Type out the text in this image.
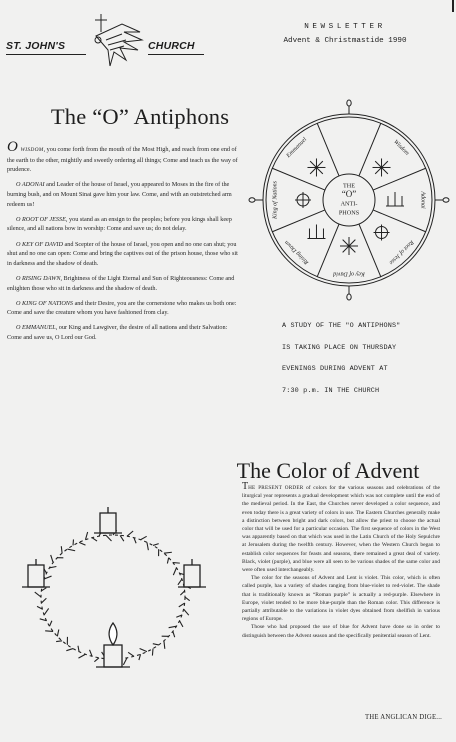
ST. JOHN'S	CHURCH
NEWSLETTER
Advent & Christmastide 1990
The “O” Antiphons

O WISDOM, you come forth from the mouth of the Most High, and reach from one end of the earth to the other, mightily and sweetly ordering all things; Come and teach us the way of prudence.

O ADONAI and Leader of the house of Israel, you appeared to Moses in the fire of the burning bush, and on Mount Sinai gave him your law. Come, and with an outstretched arm redeem us!

O ROOT OF JESSE, you stand as an ensign to the peoples; before you kings shall keep silence, and all nations bow in worship: Come and save us; do not delay.

O KEY OF DAVID and Scepter of the house of Israel, you open and no one can shut; you shut and no one can open: Come and bring the captives out of the prison house, those who sit in darkness and the shadow of death.

O RISING DAWN, Brightness of the Light Eternal and Sun of Righteousness: Come and enlighten those who sit in darkness and the shadow of death.

O KING OF NATIONS and their Desire, you are the cornerstone who makes us both one: Come and save the creature whom you have fashioned from clay.

O EMMANUEL, our King and Lawgiver, the desire of all nations and their Salvation: Come and save us, O Lord our God.

Wisdom
Adonai
Root of Jesse
Key of David
Rising Dawn
King of Nations
Emmanuel
THE
“O”
ANTI-
PHONS
A STUDY OF THE "O ANTIPHONS"
IS TAKING PLACE ON THURSDAY
EVENINGS DURING ADVENT AT
7:30 p.m. IN THE CHURCH
The Color of Advent

THE PRESENT ORDER of colors for the various seasons and celebrations of the liturgical year represents a gradual development which was not complete until the end of the medieval period. In the East, the Churches never developed a color sequence, and even today there is a great variety of colors in use. The Eastern Churches generally make a distinction between bright and dark colors, but allow the priest to choose the actual color that will be used for a particular occasion. The first sequence of colors in the West was apparently based on that which was used in the Latin Church of the Holy Sepulchre at Jerusalem during the twelfth century. However, when the Western Church began to establish color sequences for feasts and seasons, there remained a great deal of variety. Black, violet (purple), and blue were all seen to be various shades of the same color and were often used interchangeably.

The color for the seasons of Advent and Lent is violet. This color, which is often called purple, has a variety of shades ranging from blue-violet to red-violet. The shade that is traditionally known as “Roman purple” is actually a red-purple. Elsewhere in Europe, violet tended to be more blue-purple than the Roman color. This difference is partially attributable to the variations in violet dyes obtained from shellfish in various regions of Europe.

Those who had proposed the use of blue for Advent have done so in order to distinguish between the Advent season and the specifically penitential season of Lent.

THE ANGLICAN DIGE...
